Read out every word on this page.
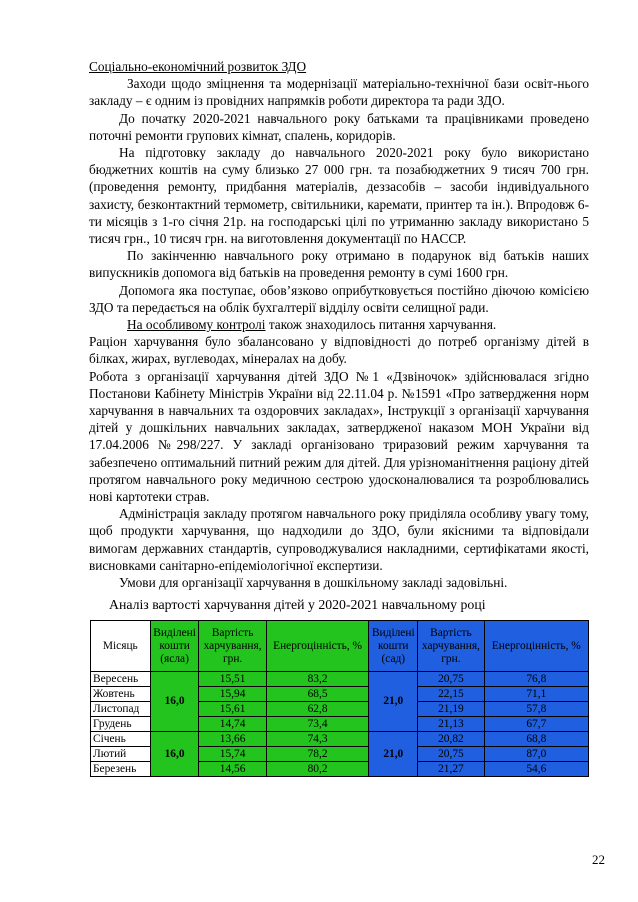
Соціально-економічний розвиток ЗДО

Заходи щодо зміцнення та модернізації матеріально-технічної бази освіт-нього закладу – є одним із провідних напрямків роботи директора та ради ЗДО.

До початку 2020-2021 навчального року батьками та працівниками проведено поточні ремонти групових кімнат, спалень, коридорів.

На підготовку закладу до навчального 2020-2021 року було використано бюджетних коштів на суму близько 27 000 грн. та позабюджетних 9 тисяч 700 грн. (проведення ремонту, придбання матеріалів, деззасобів – засоби індивідуального захисту, безконтактний термометр, світильники, каремати, принтер та ін.). Впродовж 6-ти місяців з 1-го січня 21р. на господарські цілі по утриманню закладу використано 5 тисяч грн., 10 тисяч грн. на виготовлення документації по НАССР.

По закінченню навчального року отримано в подарунок від батьків наших випускників допомога від батьків на проведення ремонту в сумі 1600 грн.

Допомога яка поступає, обов’язково оприбутковується постійно діючою комісією ЗДО та передається на облік бухгалтерії відділу освіти селищної ради.

На особливому контролі також знаходилось питання харчування.

Раціон харчування було збалансовано у відповідності до потреб організму дітей в білках, жирах, вуглеводах, мінералах на добу.

Робота з організації харчування дітей ЗДО №1 «Дзвіночок» здійснювалася згідно Постанови Кабінету Міністрів України від 22.11.04 р. №1591 «Про затвердження норм харчування в навчальних та оздоровчих закладах», Інструкції з організації харчування дітей у дошкільних навчальних закладах, затвердженої наказом МОН України від 17.04.2006 №298/227. У закладі організовано триразовий режим харчування та забезпечено оптимальний питний режим для дітей. Для урізноманітнення раціону дітей протягом навчального року медичною сестрою удосконалювалися та розроблювались нові картотеки страв.

Адміністрація закладу протягом навчального року приділяла особливу увагу тому, щоб продукти харчування, що надходили до ЗДО, були якісними та відповідали вимогам державних стандартів, супроводжувалися накладними, сертифікатами якості, висновками санітарно-епідеміологічної експертизи.

Умови для організації харчування в дошкільному закладі задовільні.

Аналіз вартості харчування дітей у 2020-2021 навчальному році

Місяць	Виділені кошти (ясла)	Вартість харчування, грн.	Енергоцінність, %	Виділені кошти (сад)	Вартість харчування, грн.	Енергоцінність, %
Вересень	16,0	15,51	83,2	21,0	20,75	76,8
Жовтень		15,94	68,5		22,15	71,1
Листопад		15,61	62,8		21,19	57,8
Грудень		14,74	73,4		21,13	67,7
Січень	16,0	13,66	74,3	21,0	20,82	68,8
Лютий		15,74	78,2		20,75	87,0
Березень		14,56	80,2		21,27	54,6
22
